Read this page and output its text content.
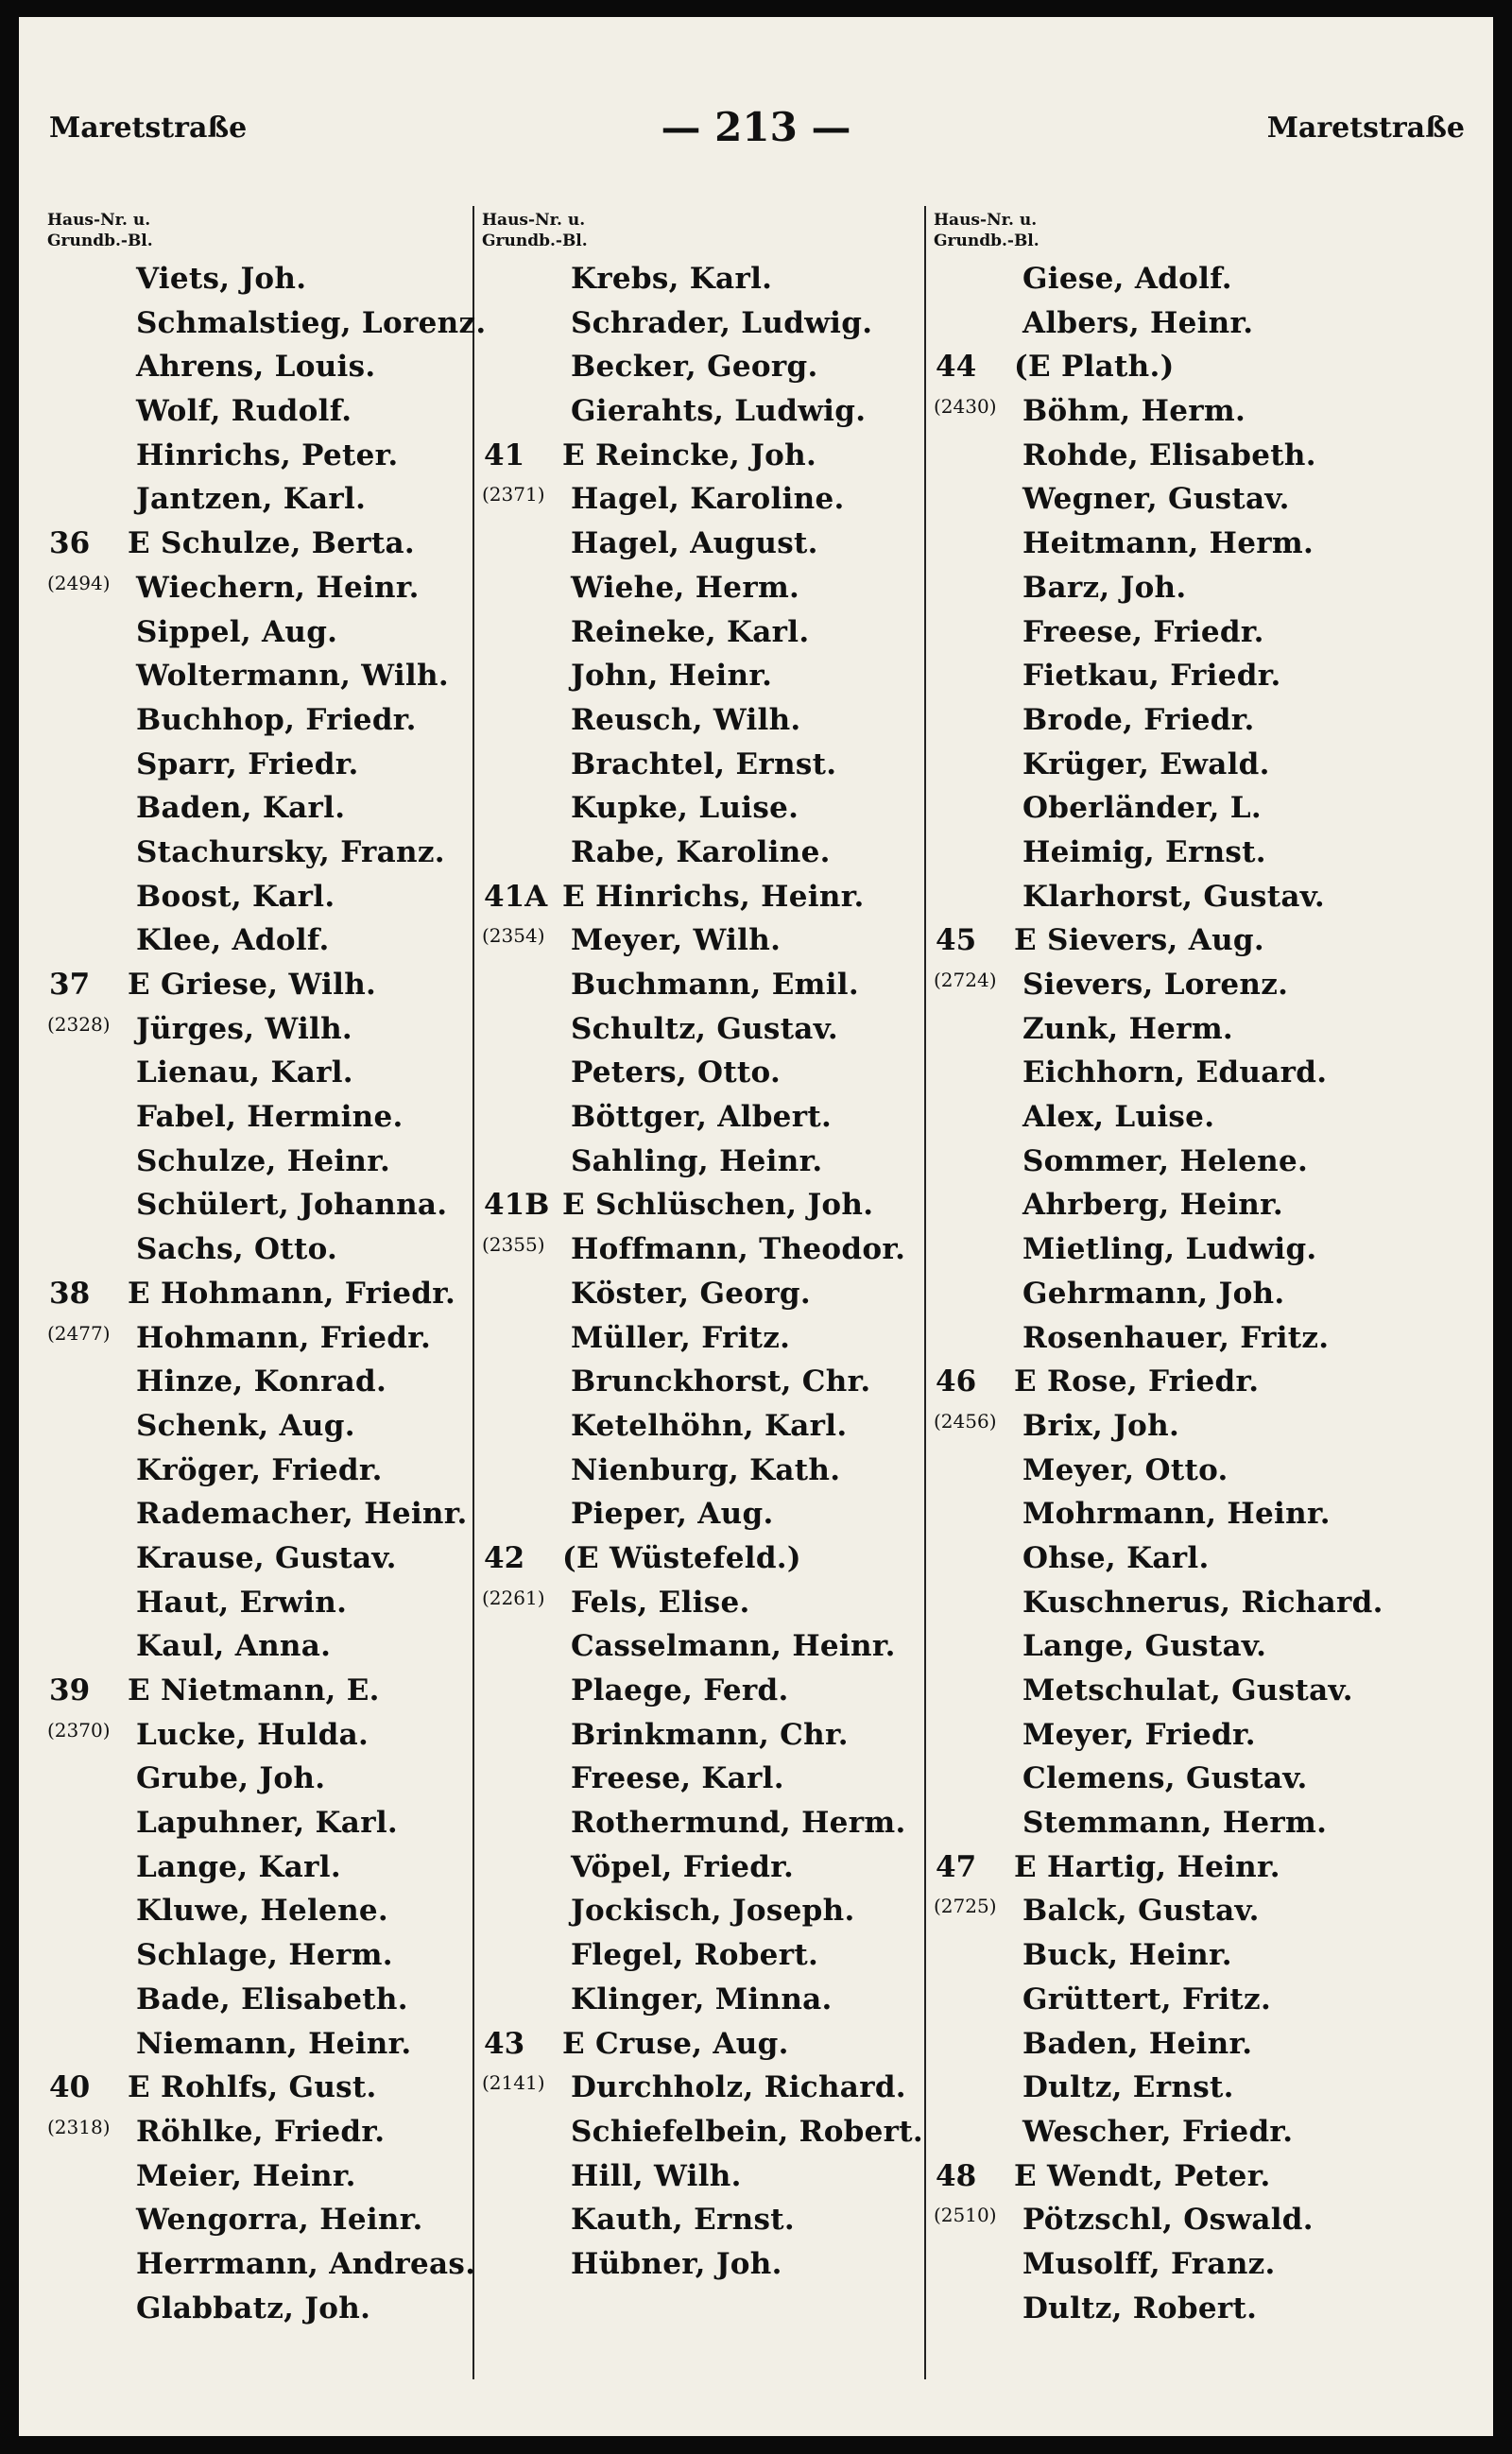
Maretstraße	— 213 —	Maretstraße
Haus-Nr. u.
Grundb.-Bl.
Viets, Joh.
Schmalstieg, Lorenz.
Ahrens, Louis.
Wolf, Rudolf.
Hinrichs, Peter.
Jantzen, Karl.
36 E Schulze, Berta.
(2494) Wiechern, Heinr.
Sippel, Aug.
Woltermann, Wilh.
Buchhop, Friedr.
Sparr, Friedr.
Baden, Karl.
Stachursky, Franz.
Boost, Karl.
Klee, Adolf.
37 E Griese, Wilh.
(2328) Jürges, Wilh.
Lienau, Karl.
Fabel, Hermine.
Schulze, Heinr.
Schülert, Johanna.
Sachs, Otto.
38 E Hohmann, Friedr.
(2477) Hohmann, Friedr.
Hinze, Konrad.
Schenk, Aug.
Kröger, Friedr.
Rademacher, Heinr.
Krause, Gustav.
Haut, Erwin.
Kaul, Anna.
39 E Nietmann, E.
(2370) Lucke, Hulda.
Grube, Joh.
Lapuhner, Karl.
Lange, Karl.
Kluwe, Helene.
Schlage, Herm.
Bade, Elisabeth.
Niemann, Heinr.
40 E Rohlfs, Gust.
(2318) Röhlke, Friedr.
Meier, Heinr.
Wengorra, Heinr.
Herrmann, Andreas.
Glabbatz, Joh.
Haus-Nr. u.
Grundb.-Bl.
Krebs, Karl.
Schrader, Ludwig.
Becker, Georg.
Gierahts, Ludwig.
41 E Reincke, Joh.
(2371) Hagel, Karoline.
Hagel, August.
Wiehe, Herm.
Reineke, Karl.
John, Heinr.
Reusch, Wilh.
Brachtel, Ernst.
Kupke, Luise.
Rabe, Karoline.
41A E Hinrichs, Heinr.
(2354) Meyer, Wilh.
Buchmann, Emil.
Schultz, Gustav.
Peters, Otto.
Böttger, Albert.
Sahling, Heinr.
41B E Schlüschen, Joh.
(2355) Hoffmann, Theodor.
Köster, Georg.
Müller, Fritz.
Brunckhorst, Chr.
Ketelhöhn, Karl.
Nienburg, Kath.
Pieper, Aug.
42 (E Wüstefeld.)
(2261) Fels, Elise.
Casselmann, Heinr.
Plaege, Ferd.
Brinkmann, Chr.
Freese, Karl.
Rothermund, Herm.
Vöpel, Friedr.
Jockisch, Joseph.
Flegel, Robert.
Klinger, Minna.
43 E Cruse, Aug.
(2141) Durchholz, Richard.
Schiefelbein, Robert.
Hill, Wilh.
Kauth, Ernst.
Hübner, Joh.
Haus-Nr. u.
Grundb.-Bl.
Giese, Adolf.
Albers, Heinr.
44 (E Plath.)
(2430) Böhm, Herm.
Rohde, Elisabeth.
Wegner, Gustav.
Heitmann, Herm.
Barz, Joh.
Freese, Friedr.
Fietkau, Friedr.
Brode, Friedr.
Krüger, Ewald.
Oberländer, L.
Heimig, Ernst.
Klarhorst, Gustav.
45 E Sievers, Aug.
(2724) Sievers, Lorenz.
Zunk, Herm.
Eichhorn, Eduard.
Alex, Luise.
Sommer, Helene.
Ahrberg, Heinr.
Mietling, Ludwig.
Gehrmann, Joh.
Rosenhauer, Fritz.
46 E Rose, Friedr.
(2456) Brix, Joh.
Meyer, Otto.
Mohrmann, Heinr.
Ohse, Karl.
Kuschnerus, Richard.
Lange, Gustav.
Metschulat, Gustav.
Meyer, Friedr.
Clemens, Gustav.
Stemmann, Herm.
47 E Hartig, Heinr.
(2725) Balck, Gustav.
Buck, Heinr.
Grüttert, Fritz.
Baden, Heinr.
Dultz, Ernst.
Wescher, Friedr.
48 E Wendt, Peter.
(2510) Pötzschl, Oswald.
Musolff, Franz.
Dultz, Robert.
